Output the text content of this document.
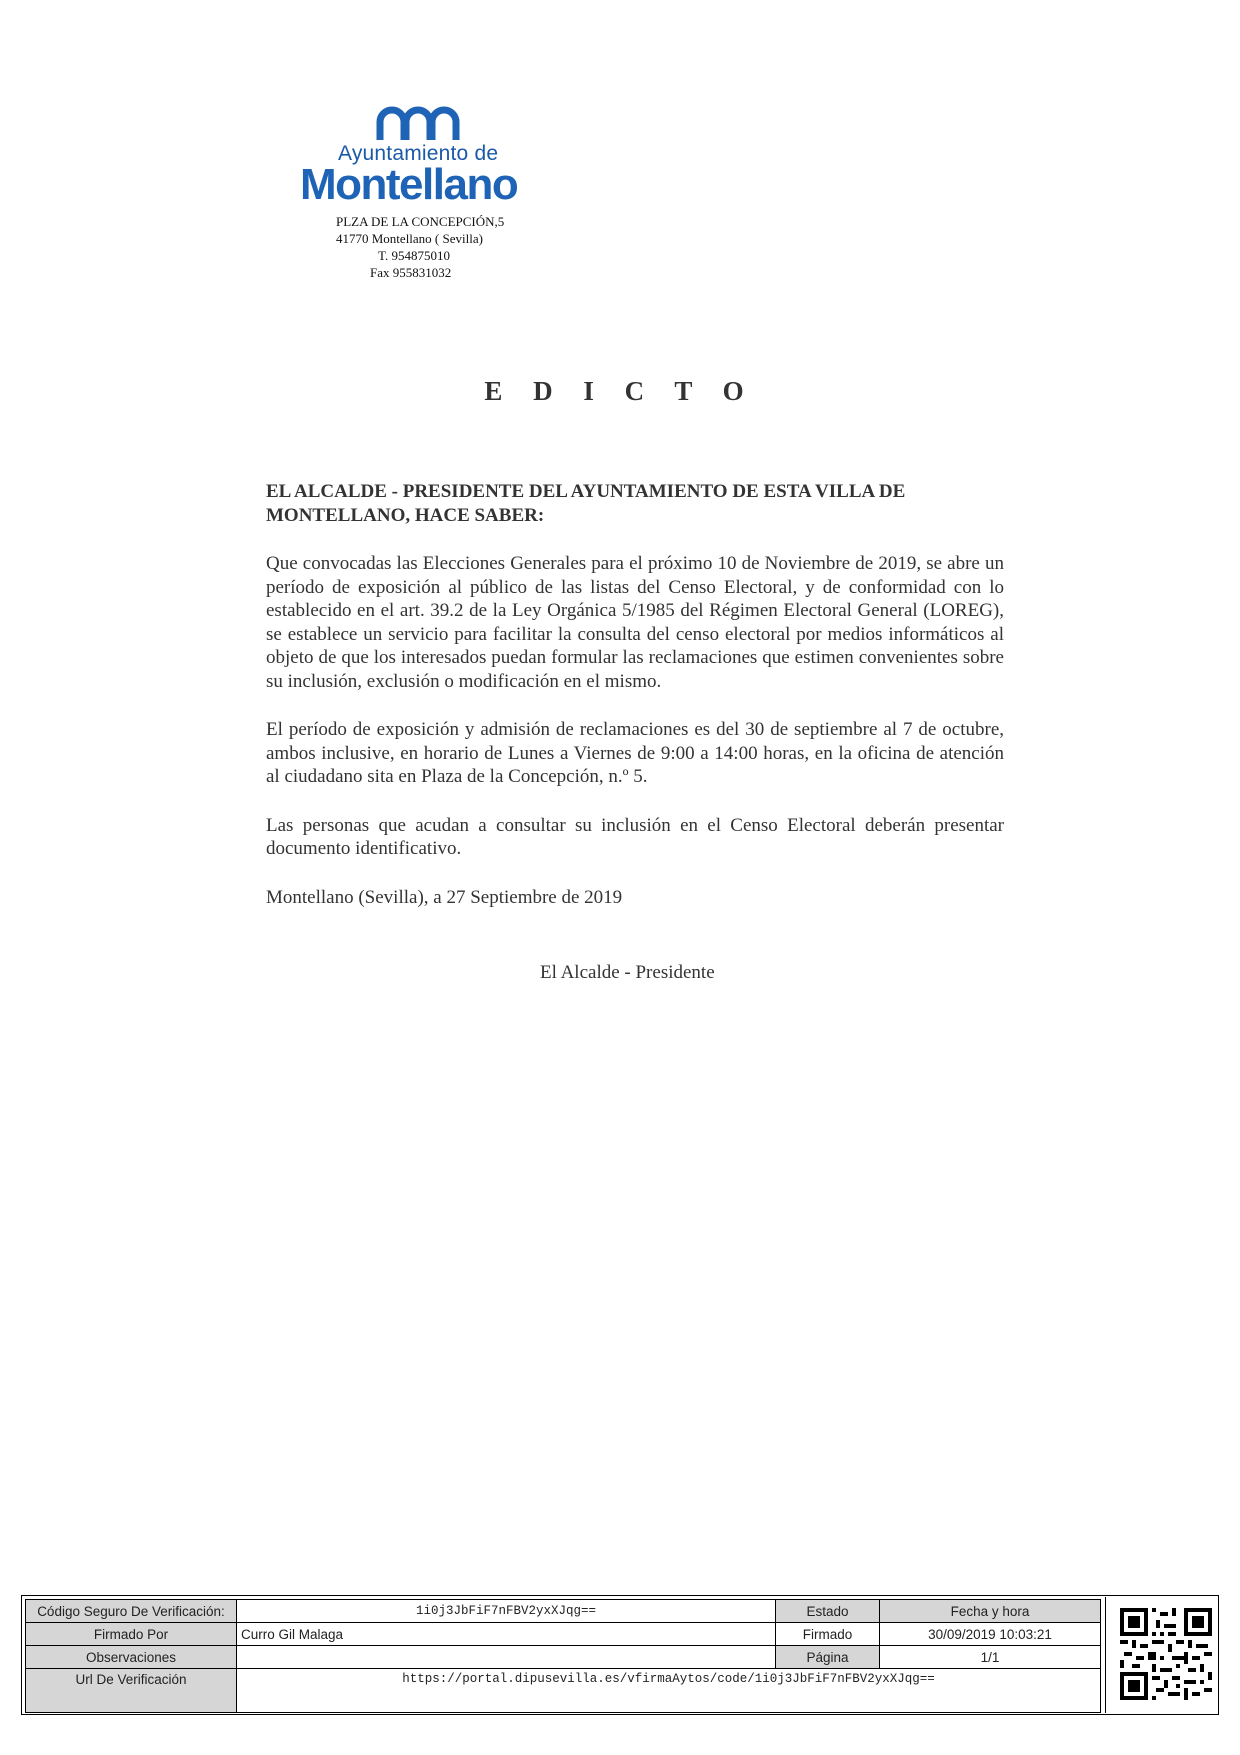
Ayuntamiento de
Montellano
PLZA DE LA CONCEPCIÓN,5
41770 Montellano ( Sevilla)
T. 954875010
Fax 955831032
E D I C T O
EL ALCALDE - PRESIDENTE DEL AYUNTAMIENTO DE ESTA VILLA DE MONTELLANO, HACE SABER:

Que convocadas las Elecciones Generales para el próximo 10 de Noviembre de 2019, se abre un período de exposición al público de las listas del Censo Electoral, y de conformidad con lo establecido en el art. 39.2 de la Ley Orgánica 5/1985 del Régimen Electoral General (LOREG), se establece un servicio para facilitar la consulta del censo electoral por medios informáticos al objeto de que los interesados puedan formular las reclamaciones que estimen convenientes sobre su inclusión, exclusión o modificación en el mismo.

El período de exposición y admisión de reclamaciones es del 30 de septiembre al 7 de octubre, ambos inclusive, en horario de Lunes a Viernes de 9:00 a 14:00 horas, en la oficina de atención al ciudadano sita en Plaza de la Concepción, n.º 5.

Las personas que acudan a consultar su inclusión en el Censo Electoral deberán presentar documento identificativo.

Montellano (Sevilla), a 27 Septiembre de 2019
El Alcalde - Presidente
Código Seguro De Verificación:	1i0j3JbFiF7nFBV2yxXJqg==	Estado	Fecha y hora
Firmado Por	Curro Gil Malaga	Firmado	30/09/2019 10:03:21
Observaciones		Página	1/1
Url De Verificación	https://portal.dipusevilla.es/vfirmaAytos/code/1i0j3JbFiF7nFBV2yxXJqg==		
